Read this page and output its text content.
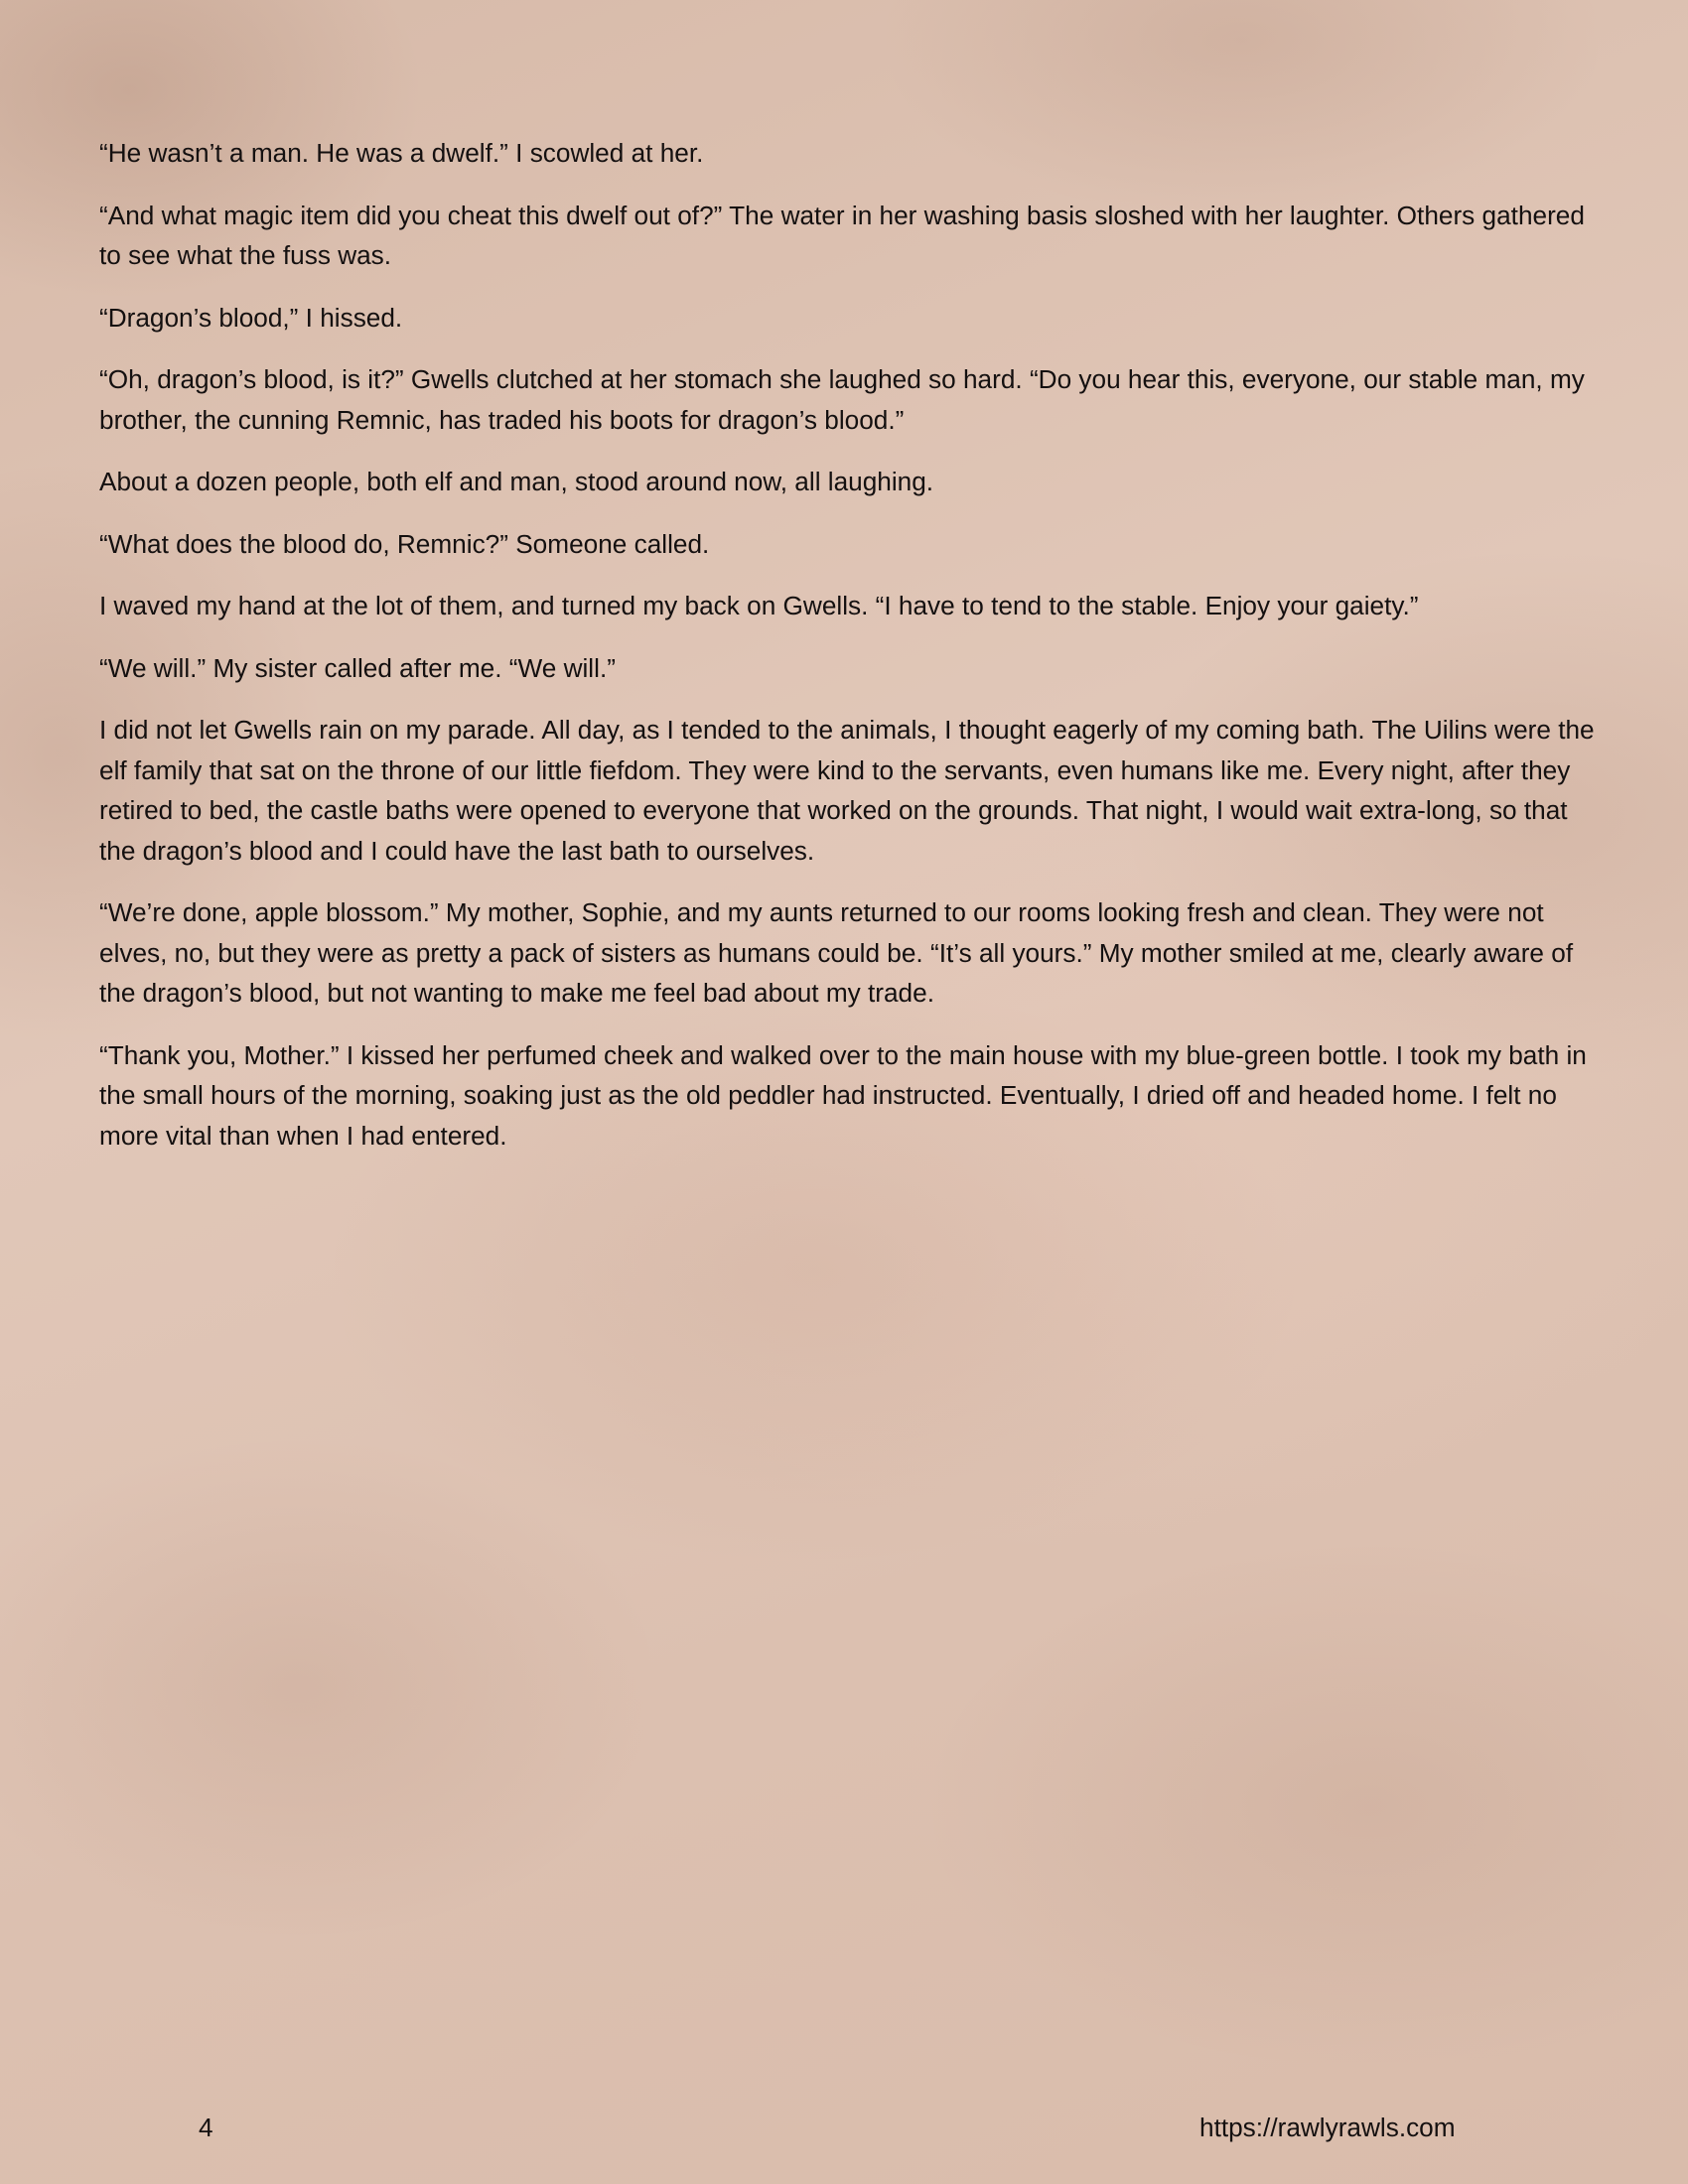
“He wasn’t a man. He was a dwelf.” I scowled at her.

“And what magic item did you cheat this dwelf out of?” The water in her washing basis sloshed with her laughter. Others gathered to see what the fuss was.

“Dragon’s blood,” I hissed.

“Oh, dragon’s blood, is it?” Gwells clutched at her stomach she laughed so hard. “Do you hear this, everyone, our stable man, my brother, the cunning Remnic, has traded his boots for dragon’s blood.”

About a dozen people, both elf and man, stood around now, all laughing.

“What does the blood do, Remnic?” Someone called.

I waved my hand at the lot of them, and turned my back on Gwells. “I have to tend to the stable. Enjoy your gaiety.”

“We will.” My sister called after me. “We will.”

I did not let Gwells rain on my parade. All day, as I tended to the animals, I thought eagerly of my coming bath. The Uilins were the elf family that sat on the throne of our little fiefdom. They were kind to the servants, even humans like me. Every night, after they retired to bed, the castle baths were opened to everyone that worked on the grounds. That night, I would wait extra-long, so that the dragon’s blood and I could have the last bath to ourselves.

“We’re done, apple blossom.” My mother, Sophie, and my aunts returned to our rooms looking fresh and clean. They were not elves, no, but they were as pretty a pack of sisters as humans could be. “It’s all yours.” My mother smiled at me, clearly aware of the dragon’s blood, but not wanting to make me feel bad about my trade.

“Thank you, Mother.” I kissed her perfumed cheek and walked over to the main house with my blue-green bottle. I took my bath in the small hours of the morning, soaking just as the old peddler had instructed. Eventually, I dried off and headed home. I felt no more vital than when I had entered.

4	https://rawlyrawls.com
